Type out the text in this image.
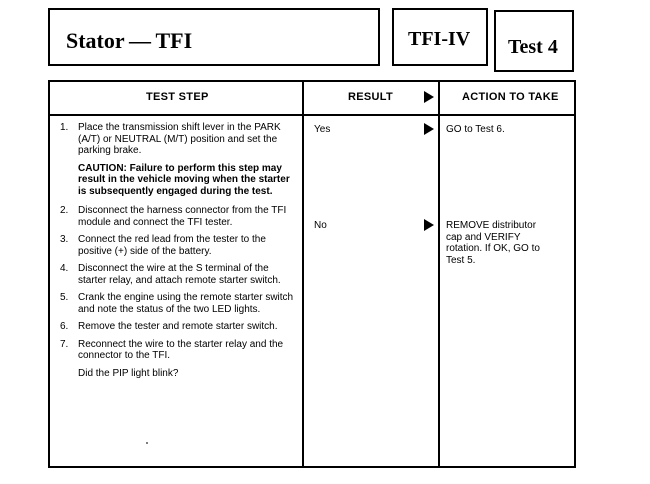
Stator — TFI	TFI-IV Test 4
TEST STEP	RESULT	ACTION TO TAKE
1. Place the transmission shift lever in the PARK (A/T) or NEUTRAL (M/T) position and set the parking brake.
CAUTION: Failure to perform this step may result in the vehicle moving when the starter is subsequently engaged during the test.
2. Disconnect the harness connector from the TFI module and connect the TFI tester.
3. Connect the red lead from the tester to the positive (+) side of the battery.
4. Disconnect the wire at the S terminal of the starter relay, and attach remote starter switch.
5. Crank the engine using the remote starter switch and note the status of the two LED lights.
6. Remove the tester and remote starter switch.
7. Reconnect the wire to the starter relay and the connector to the TFI.
Did the PIP light blink?
Yes	GO to Test 6.
No	REMOVE distributor cap and VERIFY rotation. If OK, GO to Test 5.
